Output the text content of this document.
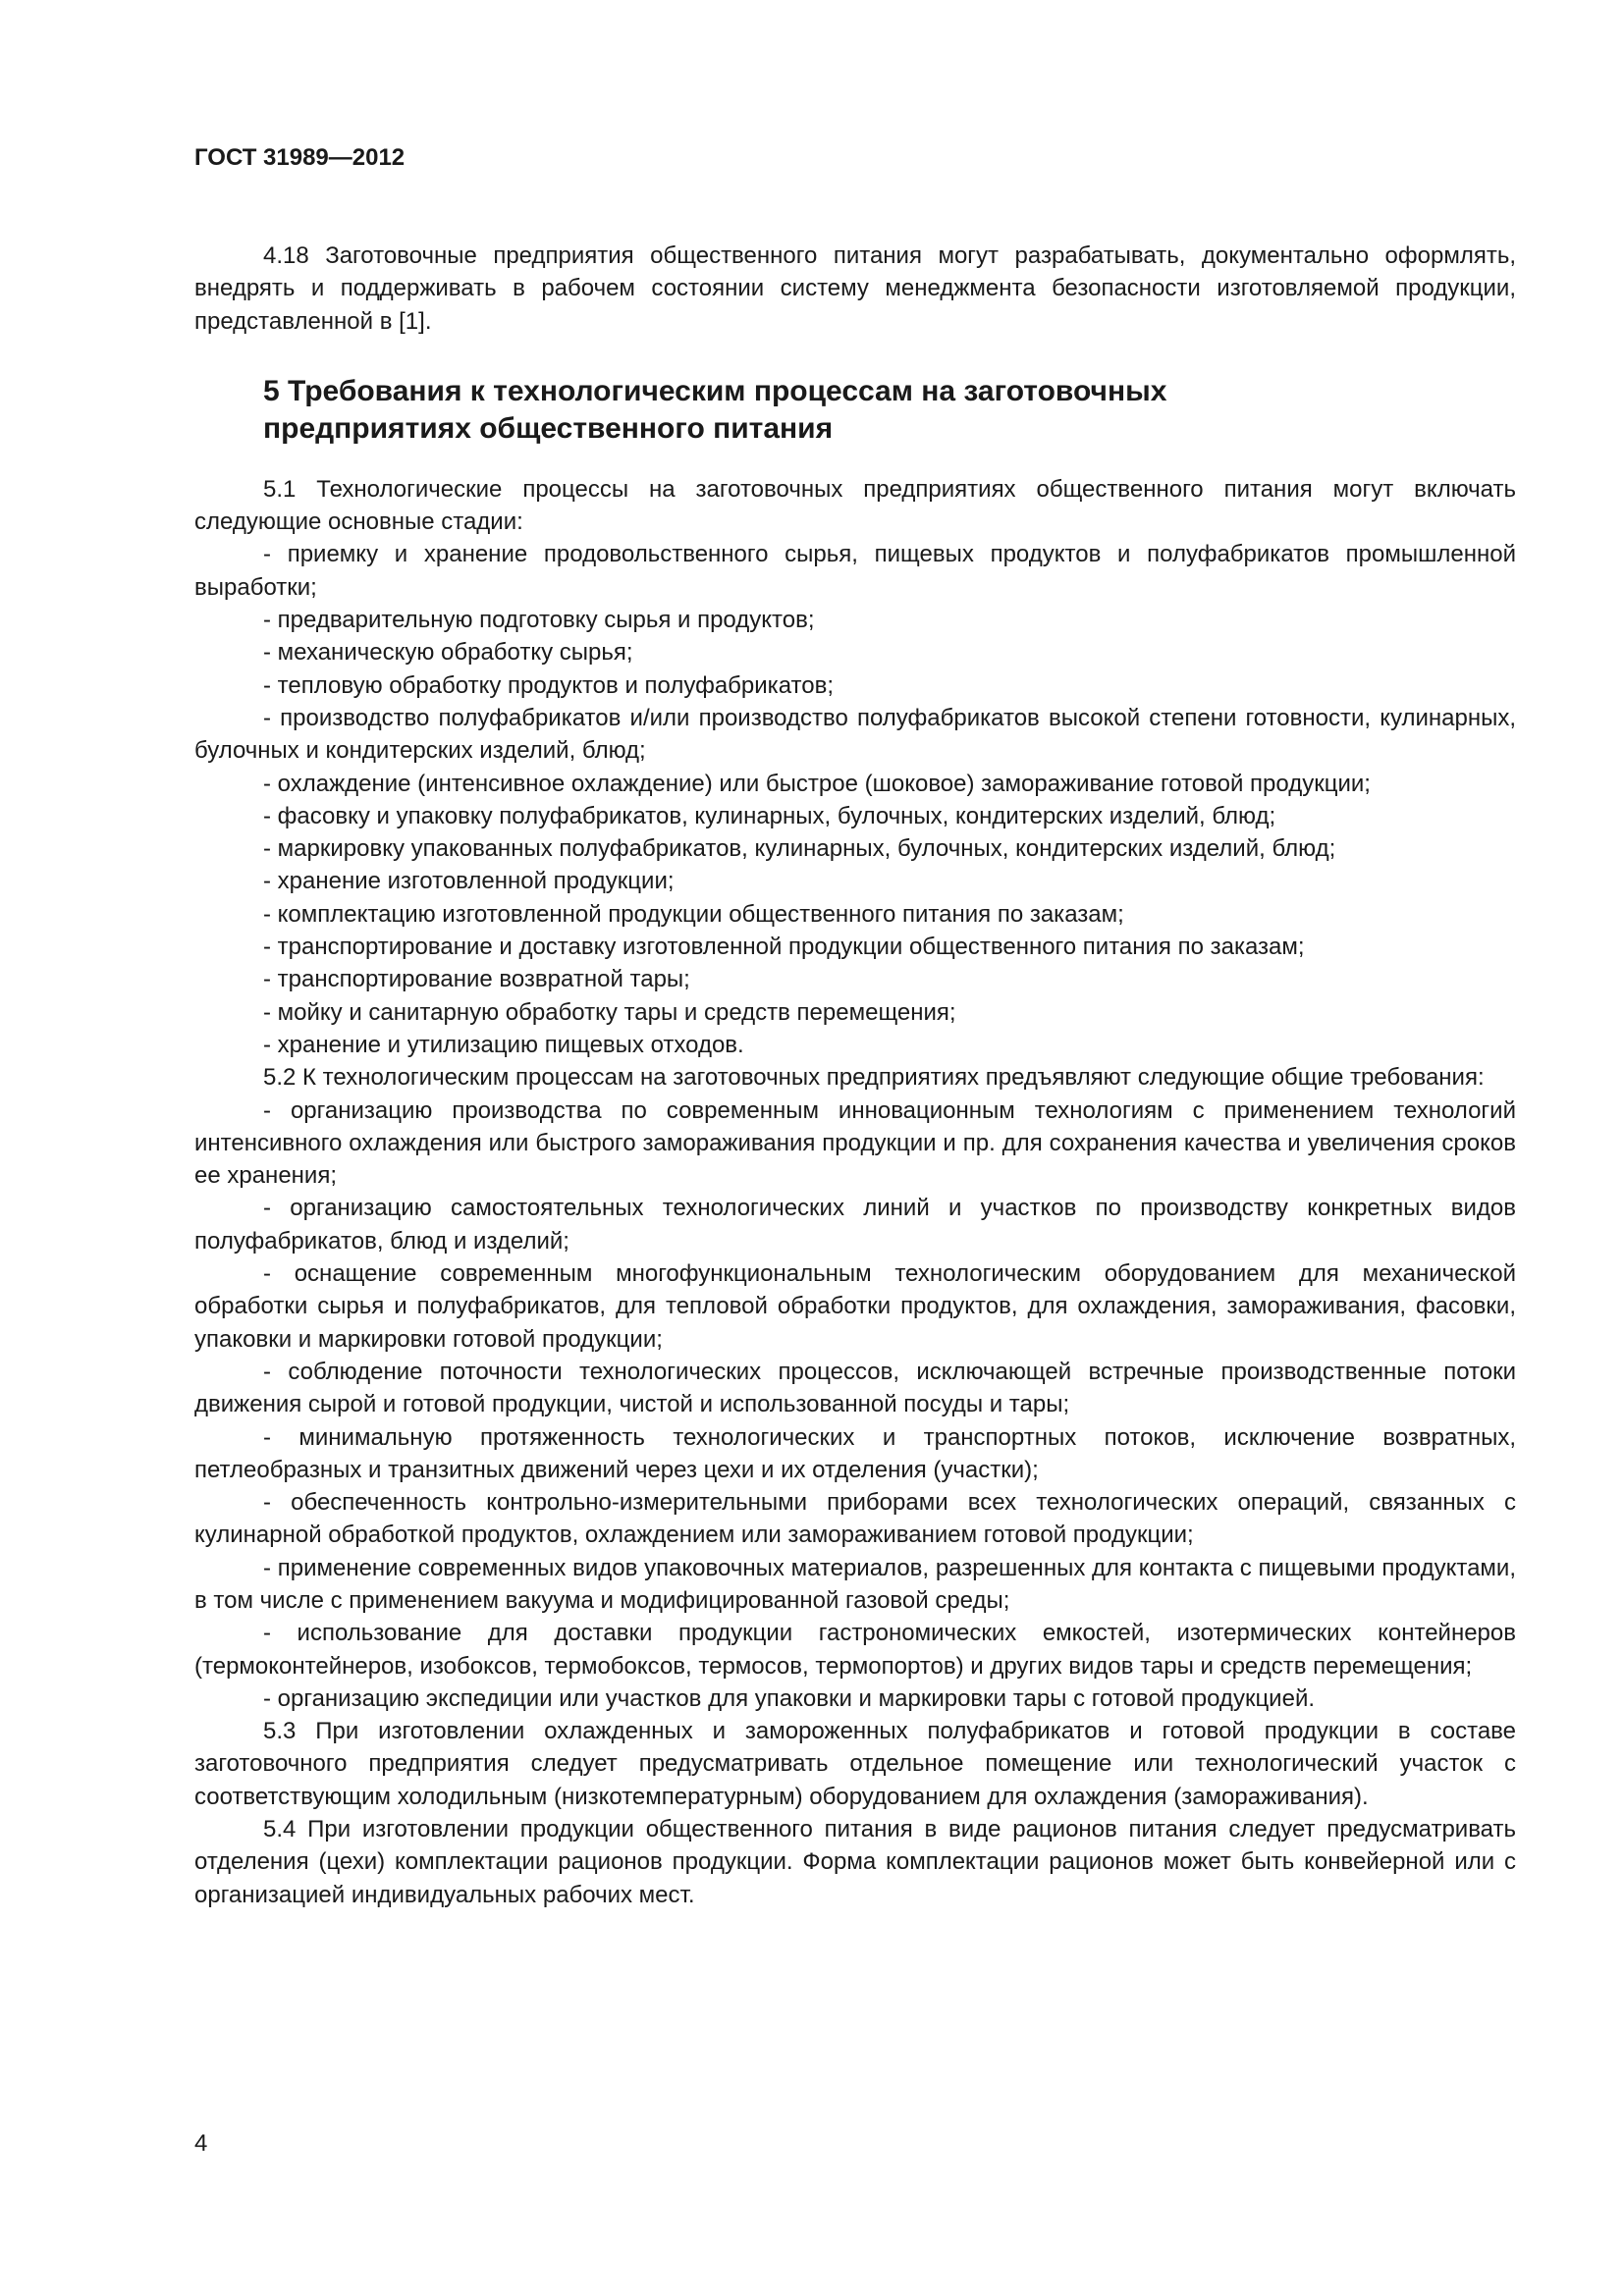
ГОСТ 31989—2012

4.18 Заготовочные предприятия общественного питания могут разрабатывать, документально оформлять, внедрять и поддерживать в рабочем состоянии систему менеджмента безопасности изготовляемой продукции, представленной в [1].

5 Требования к технологическим процессам на заготовочных
предприятиях общественного питания

5.1 Технологические процессы на заготовочных предприятиях общественного питания могут включать следующие основные стадии:

- приемку и хранение продовольственного сырья, пищевых продуктов и полуфабрикатов промышленной выработки;

- предварительную подготовку сырья и продуктов;

- механическую обработку сырья;

- тепловую обработку продуктов и полуфабрикатов;

- производство полуфабрикатов и/или производство полуфабрикатов высокой степени готовности, кулинарных, булочных и кондитерских изделий, блюд;

- охлаждение (интенсивное охлаждение) или быстрое (шоковое) замораживание готовой продукции;

- фасовку и упаковку полуфабрикатов, кулинарных, булочных, кондитерских изделий, блюд;

- маркировку упакованных полуфабрикатов, кулинарных, булочных, кондитерских изделий, блюд;

- хранение изготовленной продукции;

- комплектацию изготовленной продукции общественного питания по заказам;

- транспортирование и доставку изготовленной продукции общественного питания по заказам;

- транспортирование возвратной тары;

- мойку и санитарную обработку тары и средств перемещения;

- хранение и утилизацию пищевых отходов.

5.2 К технологическим процессам на заготовочных предприятиях предъявляют следующие общие требования:

- организацию производства по современным инновационным технологиям с применением технологий интенсивного охлаждения или быстрого замораживания продукции и пр. для сохранения качества и увеличения сроков ее хранения;

- организацию самостоятельных технологических линий и участков по производству конкретных видов полуфабрикатов, блюд и изделий;

- оснащение современным многофункциональным технологическим оборудованием для механической обработки сырья и полуфабрикатов, для тепловой обработки продуктов, для охлаждения, замораживания, фасовки, упаковки и маркировки готовой продукции;

- соблюдение поточности технологических процессов, исключающей встречные производственные потоки движения сырой и готовой продукции, чистой и использованной посуды и тары;

- минимальную протяженность технологических и транспортных потоков, исключение возвратных, петлеобразных и транзитных движений через цехи и их отделения (участки);

- обеспеченность контрольно-измерительными приборами всех технологических операций, связанных с кулинарной обработкой продуктов, охлаждением или замораживанием готовой продукции;

- применение современных видов упаковочных материалов, разрешенных для контакта с пищевыми продуктами, в том числе с применением вакуума и модифицированной газовой среды;

- использование для доставки продукции гастрономических емкостей, изотермических контейнеров (термоконтейнеров, изобоксов, термобоксов, термосов, термопортов) и других видов тары и средств перемещения;

- организацию экспедиции или участков для упаковки и маркировки тары с готовой продукцией.

5.3 При изготовлении охлажденных и замороженных полуфабрикатов и готовой продукции в составе заготовочного предприятия следует предусматривать отдельное помещение или технологический участок с соответствующим холодильным (низкотемпературным) оборудованием для охлаждения (замораживания).

5.4 При изготовлении продукции общественного питания в виде рационов питания следует предусматривать отделения (цехи) комплектации рационов продукции. Форма комплектации рационов может быть конвейерной или с организацией индивидуальных рабочих мест.

4
